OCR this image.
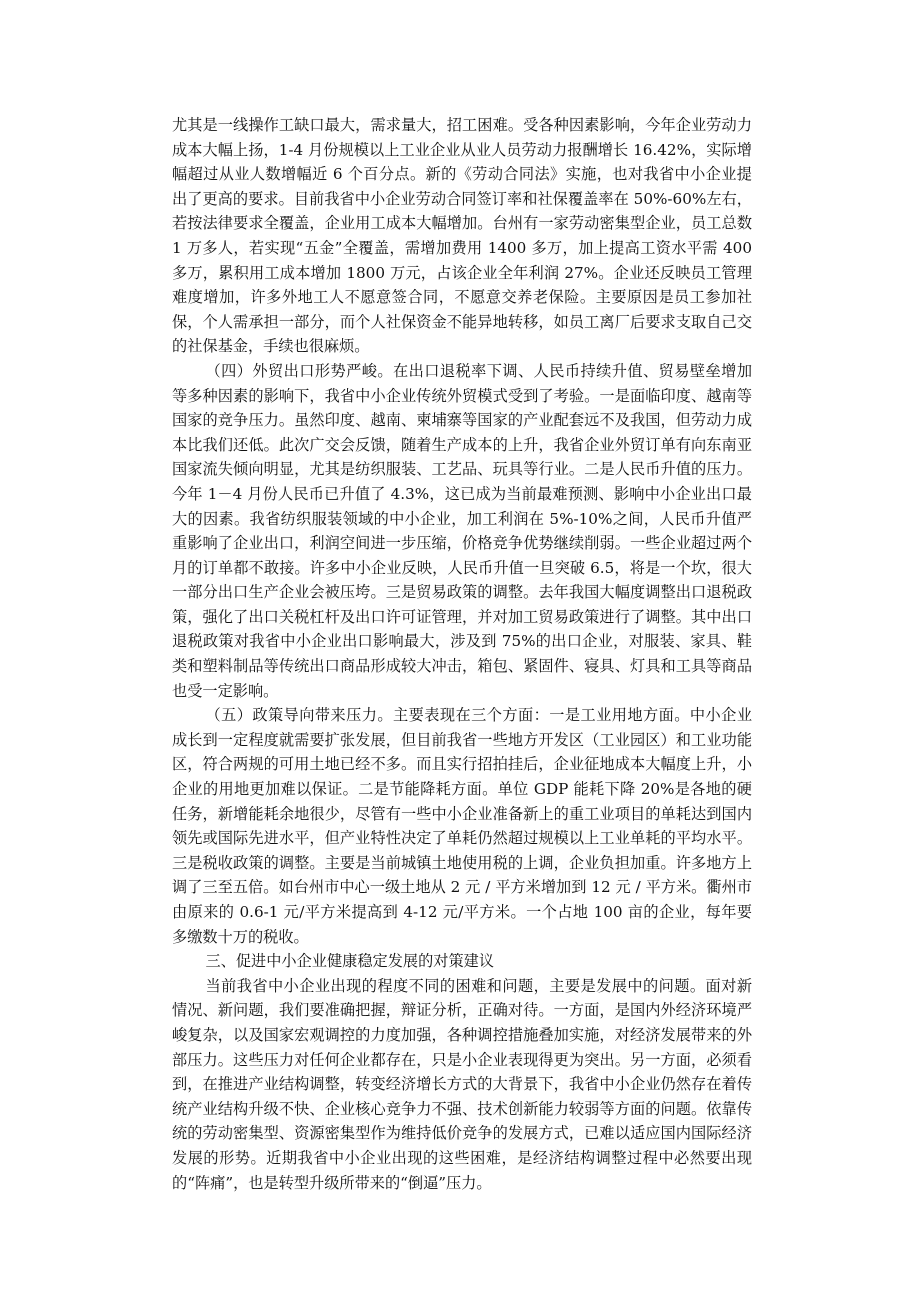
尤其是一线操作工缺口最大，需求量大，招工困难。受各种因素影响，今年企业劳动力成本大幅上扬，1-4 月份规模以上工业企业从业人员劳动力报酬增长 16.42%，实际增幅超过从业人数增幅近 6 个百分点。新的《劳动合同法》实施，也对我省中小企业提出了更高的要求。目前我省中小企业劳动合同签订率和社保覆盖率在 50%-60%左右，若按法律要求全覆盖，企业用工成本大幅增加。台州有一家劳动密集型企业，员工总数 1 万多人，若实现“五金”全覆盖，需增加费用 1400 多万，加上提高工资水平需 400 多万，累积用工成本增加 1800 万元，占该企业全年利润 27%。企业还反映员工管理难度增加，许多外地工人不愿意签合同，不愿意交养老保险。主要原因是员工参加社保，个人需承担一部分，而个人社保资金不能异地转移，如员工离厂后要求支取自己交的社保基金，手续也很麻烦。

（四）外贸出口形势严峻。在出口退税率下调、人民币持续升值、贸易壁垒增加等多种因素的影响下，我省中小企业传统外贸模式受到了考验。一是面临印度、越南等国家的竞争压力。虽然印度、越南、柬埔寨等国家的产业配套远不及我国，但劳动力成本比我们还低。此次广交会反馈，随着生产成本的上升，我省企业外贸订单有向东南亚国家流失倾向明显，尤其是纺织服装、工艺品、玩具等行业。二是人民币升值的压力。今年 1－4 月份人民币已升值了 4.3%，这已成为当前最难预测、影响中小企业出口最大的因素。我省纺织服装领域的中小企业，加工利润在 5%-10%之间，人民币升值严重影响了企业出口，利润空间进一步压缩，价格竞争优势继续削弱。一些企业超过两个月的订单都不敢接。许多中小企业反映，人民币升值一旦突破 6.5，将是一个坎，很大一部分出口生产企业会被压垮。三是贸易政策的调整。去年我国大幅度调整出口退税政策，强化了出口关税杠杆及出口许可证管理，并对加工贸易政策进行了调整。其中出口退税政策对我省中小企业出口影响最大，涉及到 75%的出口企业，对服装、家具、鞋类和塑料制品等传统出口商品形成较大冲击，箱包、紧固件、寝具、灯具和工具等商品也受一定影响。

（五）政策导向带来压力。主要表现在三个方面：一是工业用地方面。中小企业成长到一定程度就需要扩张发展，但目前我省一些地方开发区（工业园区）和工业功能区，符合两规的可用土地已经不多。而且实行招拍挂后，企业征地成本大幅度上升，小企业的用地更加难以保证。二是节能降耗方面。单位 GDP 能耗下降 20%是各地的硬任务，新增能耗余地很少，尽管有一些中小企业准备新上的重工业项目的单耗达到国内领先或国际先进水平，但产业特性决定了单耗仍然超过规模以上工业单耗的平均水平。三是税收政策的调整。主要是当前城镇土地使用税的上调，企业负担加重。许多地方上调了三至五倍。如台州市中心一级土地从 2 元 / 平方米增加到 12 元 / 平方米。衢州市由原来的 0.6-1 元/平方米提高到 4-12 元/平方米。一个占地 100 亩的企业，每年要多缴数十万的税收。

三、促进中小企业健康稳定发展的对策建议

当前我省中小企业出现的程度不同的困难和问题，主要是发展中的问题。面对新情况、新问题，我们要准确把握，辩证分析，正确对待。一方面，是国内外经济环境严峻复杂，以及国家宏观调控的力度加强，各种调控措施叠加实施，对经济发展带来的外部压力。这些压力对任何企业都存在，只是小企业表现得更为突出。另一方面，必须看到，在推进产业结构调整，转变经济增长方式的大背景下，我省中小企业仍然存在着传统产业结构升级不快、企业核心竞争力不强、技术创新能力较弱等方面的问题。依靠传统的劳动密集型、资源密集型作为维持低价竞争的发展方式，已难以适应国内国际经济发展的形势。近期我省中小企业出现的这些困难，是经济结构调整过程中必然要出现的“阵痛”，也是转型升级所带来的“倒逼”压力。
